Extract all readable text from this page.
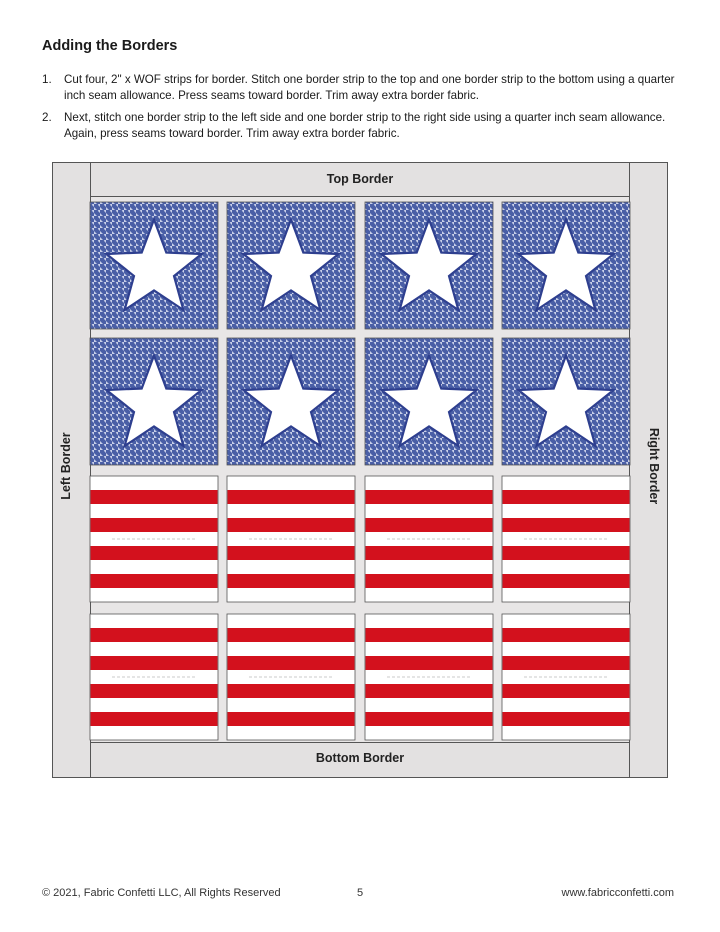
Adding the Borders
1. Cut four, 2" x WOF strips for border. Stitch one border strip to the top and one border strip to the bottom using a quarter inch seam allowance. Press seams toward border. Trim away extra border fabric.
2. Next, stitch one border strip to the left side and one border strip to the right side using a quarter inch seam allowance. Again, press seams toward border. Trim away extra border fabric.
Top Border
Bottom Border
Left Border	Right Border
© 2021, Fabric Confetti LLC, All Rights Reserved	5	www.fabricconfetti.com
